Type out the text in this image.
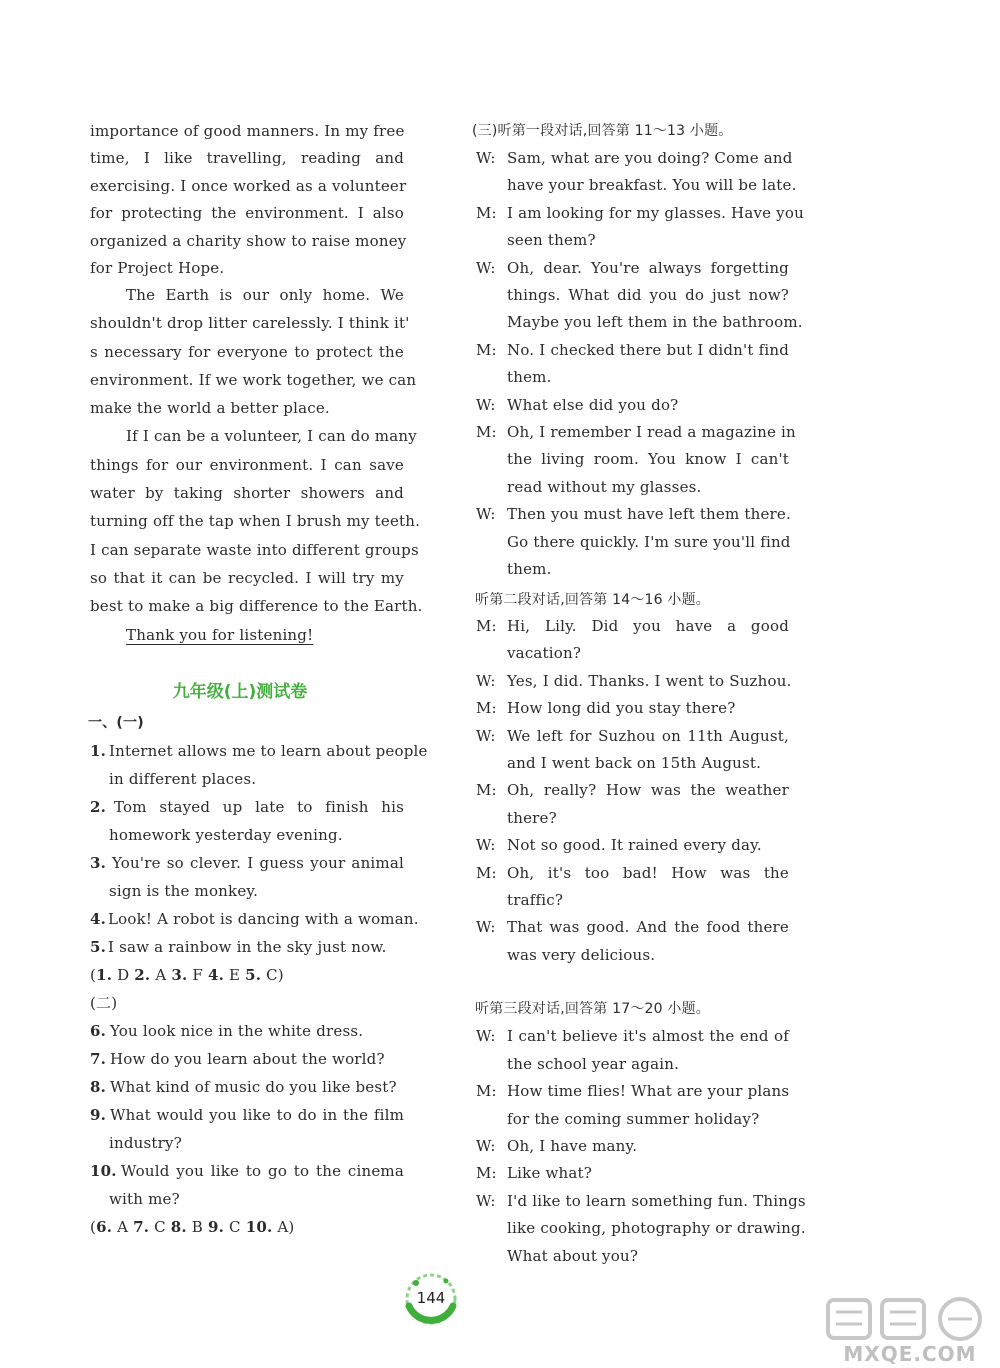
importance of good manners. In my free
time, I like travelling, reading and
exercising. I once worked as a volunteer
for protecting the environment. I also
organized a charity show to raise money
for Project Hope.
The Earth is our only home. We
shouldn't drop litter carelessly. I think it'
s necessary for everyone to protect the
environment. If we work together, we can
make the world a better place.
If I can be a volunteer, I can do many
things for our environment. I can save
water by taking shorter showers and
turning off the tap when I brush my teeth.
I can separate waste into different groups
so that it can be recycled. I will try my
best to make a big difference to the Earth.
Thank you for listening!
九年级(上)测试卷
一、(一)
1. Internet allows me to learn about people
in different places.
2. Tom stayed up late to finish his
homework yesterday evening.
3. You're so clever. I guess your animal
sign is the monkey.
4. Look! A robot is dancing with a woman.
5. I saw a rainbow in the sky just now.
(1. D 2. A 3. F 4. E 5. C)
(二)
6. You look nice in the white dress.
7. How do you learn about the world?
8. What kind of music do you like best?
9. What would you like to do in the film
industry?
10. Would you like to go to the cinema
with me?
(6. A 7. C 8. B 9. C 10. A)
(三)听第一段对话,回答第 11～13 小题。
W: Sam, what are you doing? Come and
have your breakfast. You will be late.
M: I am looking for my glasses. Have you
seen them?
W: Oh, dear. You're always forgetting
things. What did you do just now?
Maybe you left them in the bathroom.
M: No. I checked there but I didn't find
them.
W: What else did you do?
M: Oh, I remember I read a magazine in
the living room. You know I can't
read without my glasses.
W: Then you must have left them there.
Go there quickly. I'm sure you'll find
them.
听第二段对话,回答第 14～16 小题。
M: Hi, Lily. Did you have a good
vacation?
W: Yes, I did. Thanks. I went to Suzhou.
M: How long did you stay there?
W: We left for Suzhou on 11th August,
and I went back on 15th August.
M: Oh, really? How was the weather
there?
W: Not so good. It rained every day.
M: Oh, it's too bad! How was the
traffic?
W: That was good. And the food there
was very delicious.
听第三段对话,回答第 17～20 小题。
W: I can't believe it's almost the end of
the school year again.
M: How time flies! What are your plans
for the coming summer holiday?
W: Oh, I have many.
M: Like what?
W: I'd like to learn something fun. Things
like cooking, photography or drawing.
What about you?
144
MXQE.COM
